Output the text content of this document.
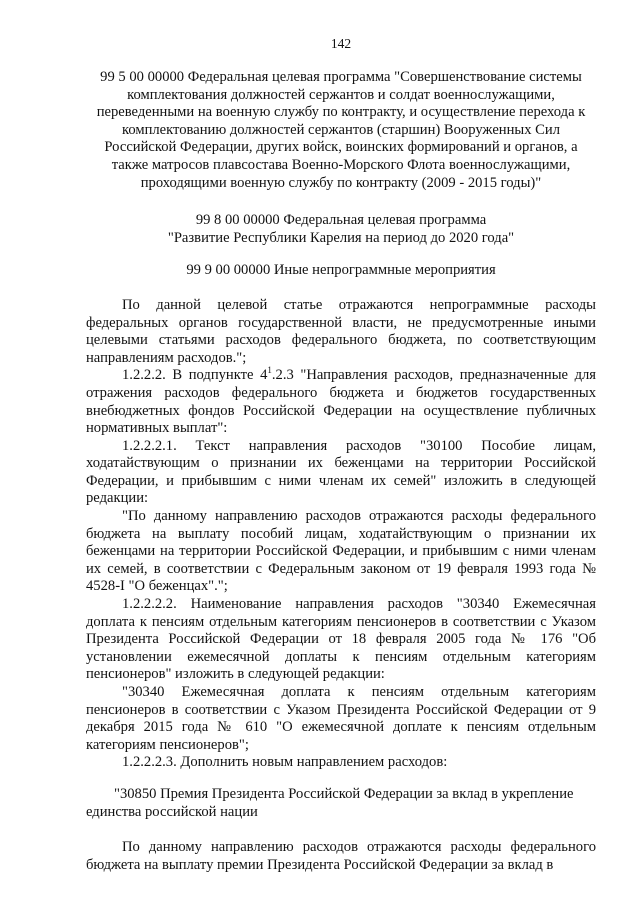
142
99 5 00 00000 Федеральная целевая программа "Совершенствование системы
комплектования должностей сержантов и солдат военнослужащими,
переведенными на военную службу по контракту, и осуществление перехода к
комплектованию должностей сержантов (старшин) Вооруженных Сил
Российской Федерации, других войск, воинских формирований и органов, а
также матросов плавсостава Военно-Морского Флота военнослужащими,
проходящими военную службу по контракту (2009 - 2015 годы)"
99 8 00 00000 Федеральная целевая программа
"Развитие Республики Карелия на период до 2020 года"
99 9 00 00000 Иные непрограммные мероприятия

По данной целевой статье отражаются непрограммные расходы федеральных органов государственной власти, не предусмотренные иными целевыми статьями расходов федерального бюджета, по соответствующим направлениям расходов.";

1.2.2.2. В подпункте $4^1.2.3$ "Направления расходов, предназначенные для отражения расходов федерального бюджета и бюджетов государственных внебюджетных фондов Российской Федерации на осуществление публичных нормативных выплат":

1.2.2.2.1. Текст направления расходов "30100 Пособие лицам, ходатайствующим о признании их беженцами на территории Российской Федерации, и прибывшим с ними членам их семей" изложить в следующей редакции:

"По данному направлению расходов отражаются расходы федерального бюджета на выплату пособий лицам, ходатайствующим о признании их беженцами на территории Российской Федерации, и прибывшим с ними членам их семей, в соответствии с Федеральным законом от 19 февраля 1993 года № 4528-I "О беженцах".";

1.2.2.2.2. Наименование направления расходов "30340 Ежемесячная доплата к пенсиям отдельным категориям пенсионеров в соответствии с Указом Президента Российской Федерации от 18 февраля 2005 года № 176 "Об установлении ежемесячной доплаты к пенсиям отдельным категориям пенсионеров" изложить в следующей редакции:

"30340 Ежемесячная доплата к пенсиям отдельным категориям пенсионеров в соответствии с Указом Президента Российской Федерации от 9 декабря 2015 года № 610 "О ежемесячной доплате к пенсиям отдельным категориям пенсионеров";

1.2.2.2.3. Дополнить новым направлением расходов:

"30850 Премия Президента Российской Федерации за вклад в укрепление единства российской нации

По данному направлению расходов отражаются расходы федерального бюджета на выплату премии Президента Российской Федерации за вклад в
